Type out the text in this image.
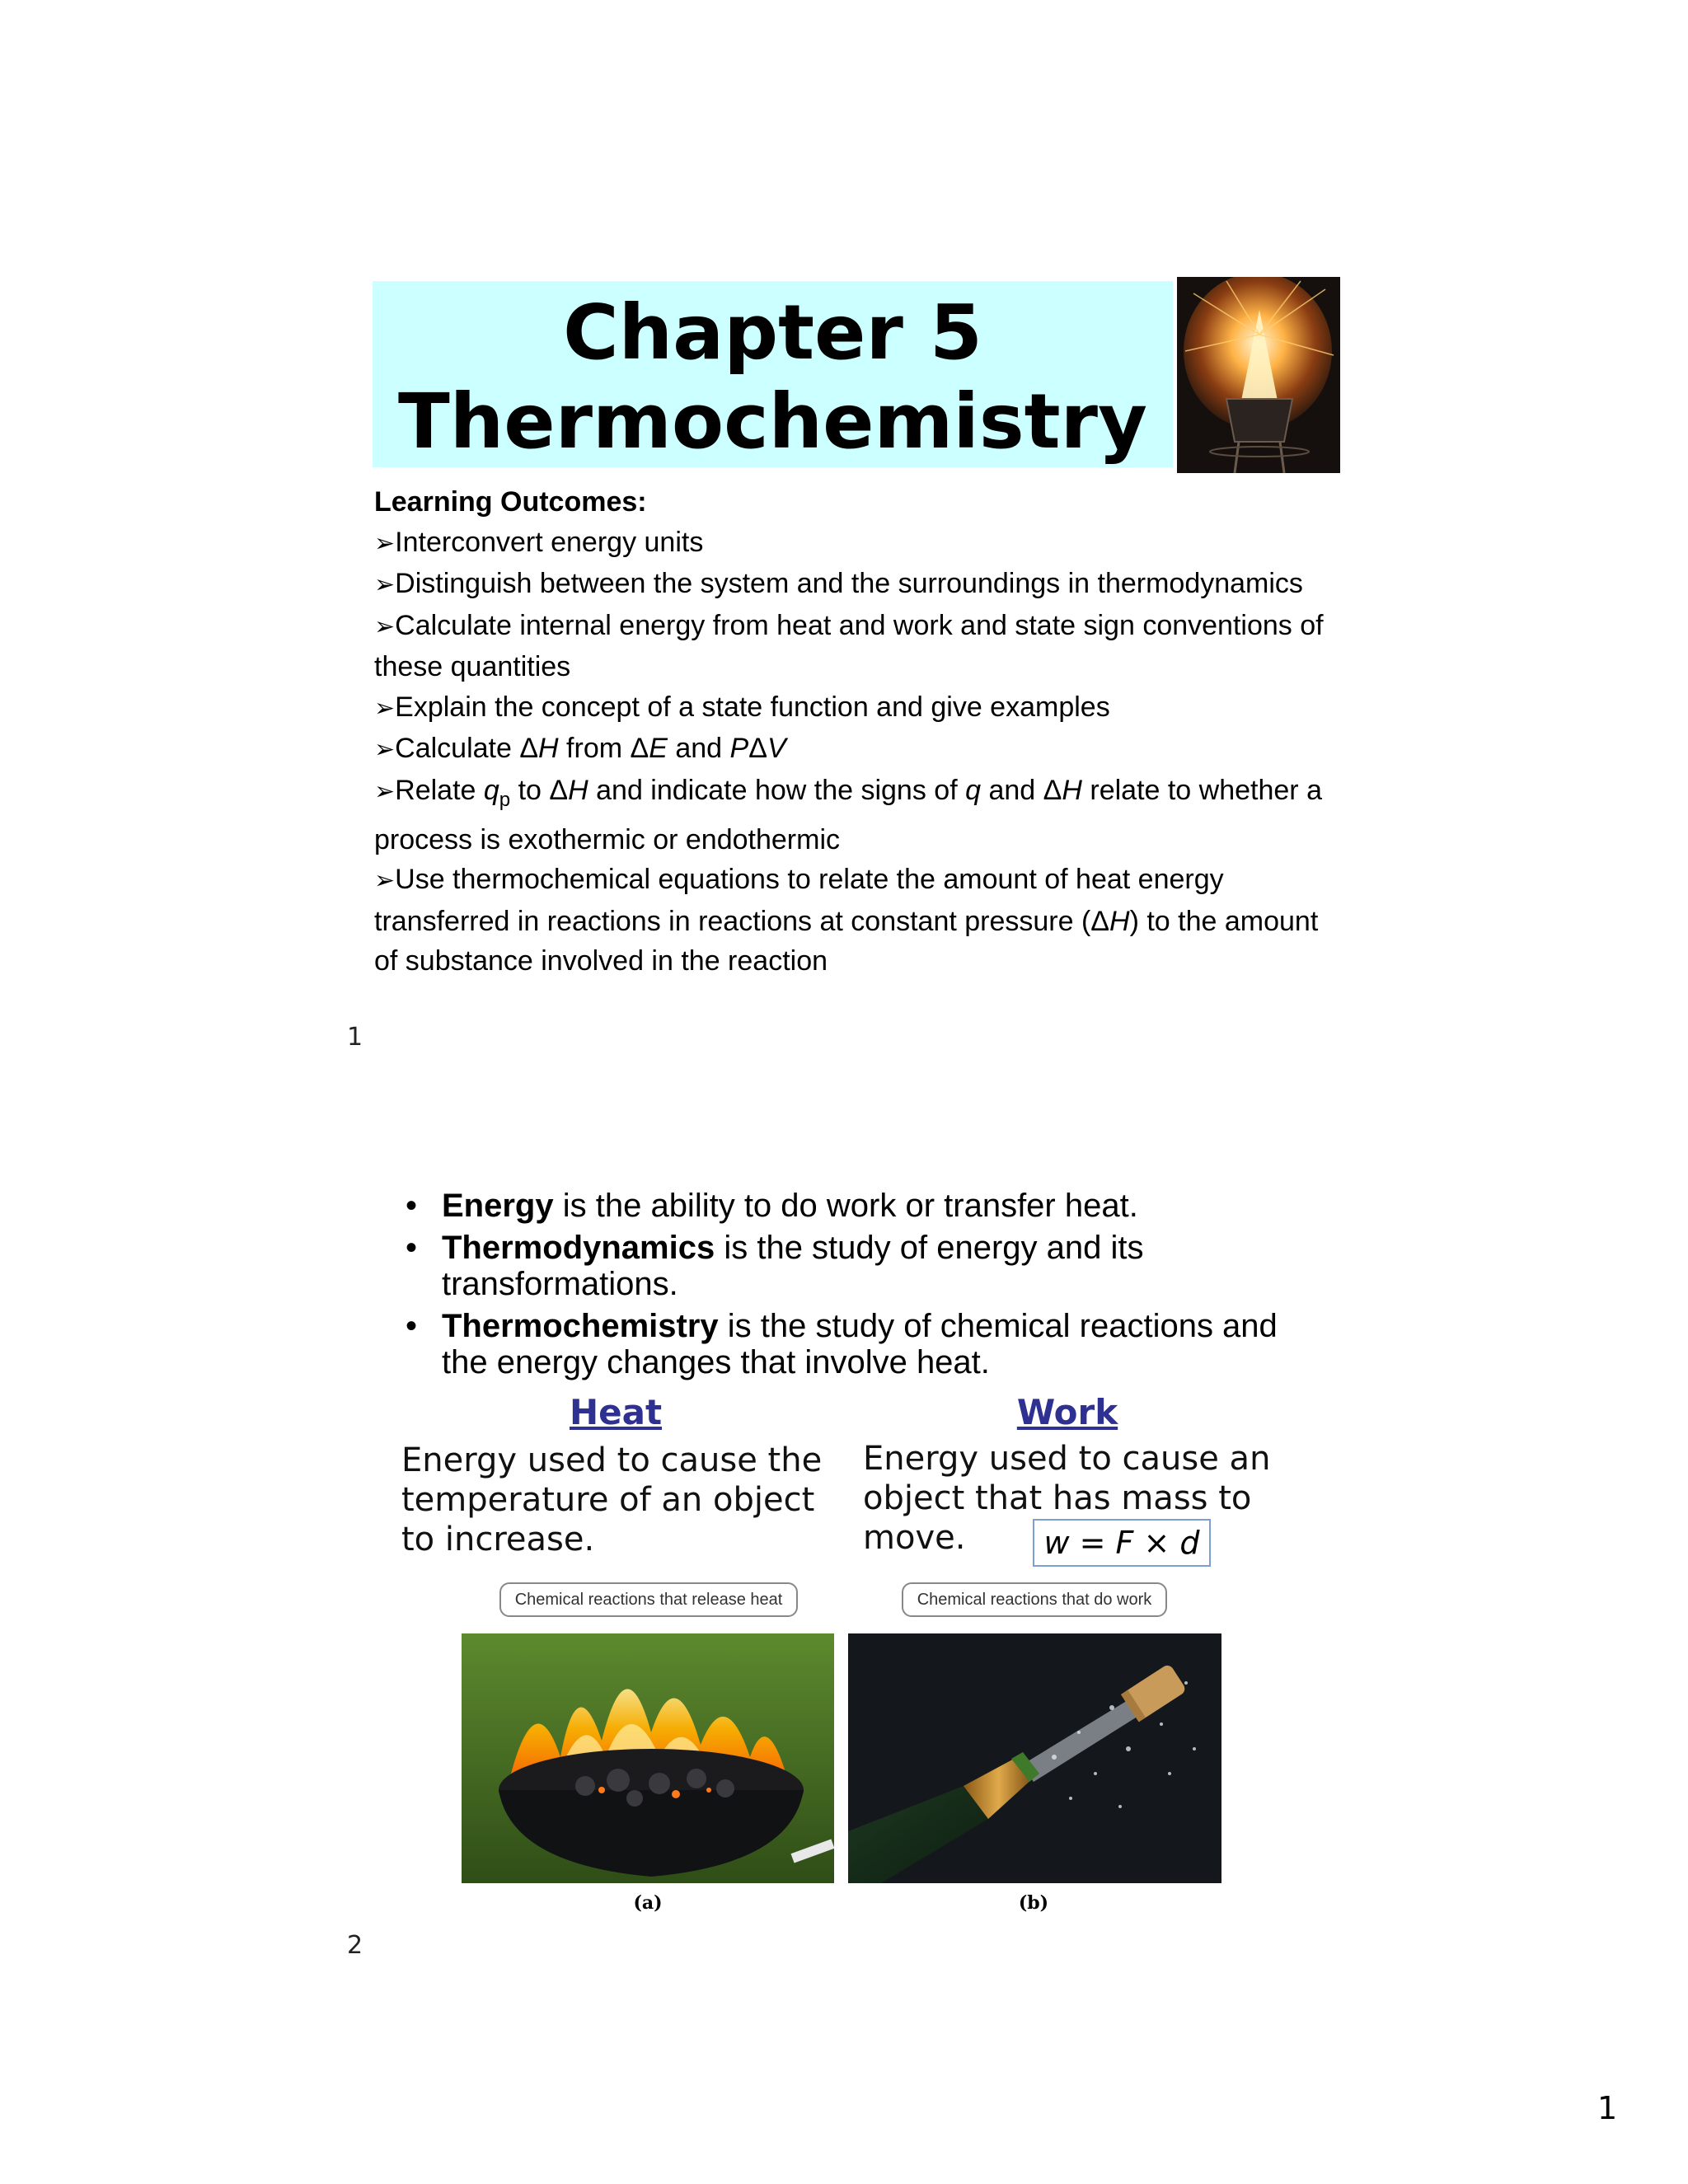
Chapter 5
Thermochemistry
Learning Outcomes:
➢Interconvert energy units
➢Distinguish between the system and the surroundings in thermodynamics
➢Calculate internal energy from heat and work and state sign conventions of these quantities
➢Explain the concept of a state function and give examples
➢Calculate ΔH from ΔE and PΔV
➢Relate $q_p$ to ΔH and indicate how the signs of q and ΔH relate to whether a process is exothermic or endothermic
➢Use thermochemical equations to relate the amount of heat energy transferred in reactions in reactions at constant pressure (ΔH) to the amount of substance involved in the reaction
1
• Energy is the ability to do work or transfer heat.
• Thermodynamics is the study of energy and its transformations.
• Thermochemistry is the study of chemical reactions and the energy changes that involve heat.
Heat	Work
Energy used to cause the temperature of an object to increase.
Energy used to cause an object that has mass to move.	w = F × d
Chemical reactions that release heat	Chemical reactions that do work
(a)	(b)
2
1
